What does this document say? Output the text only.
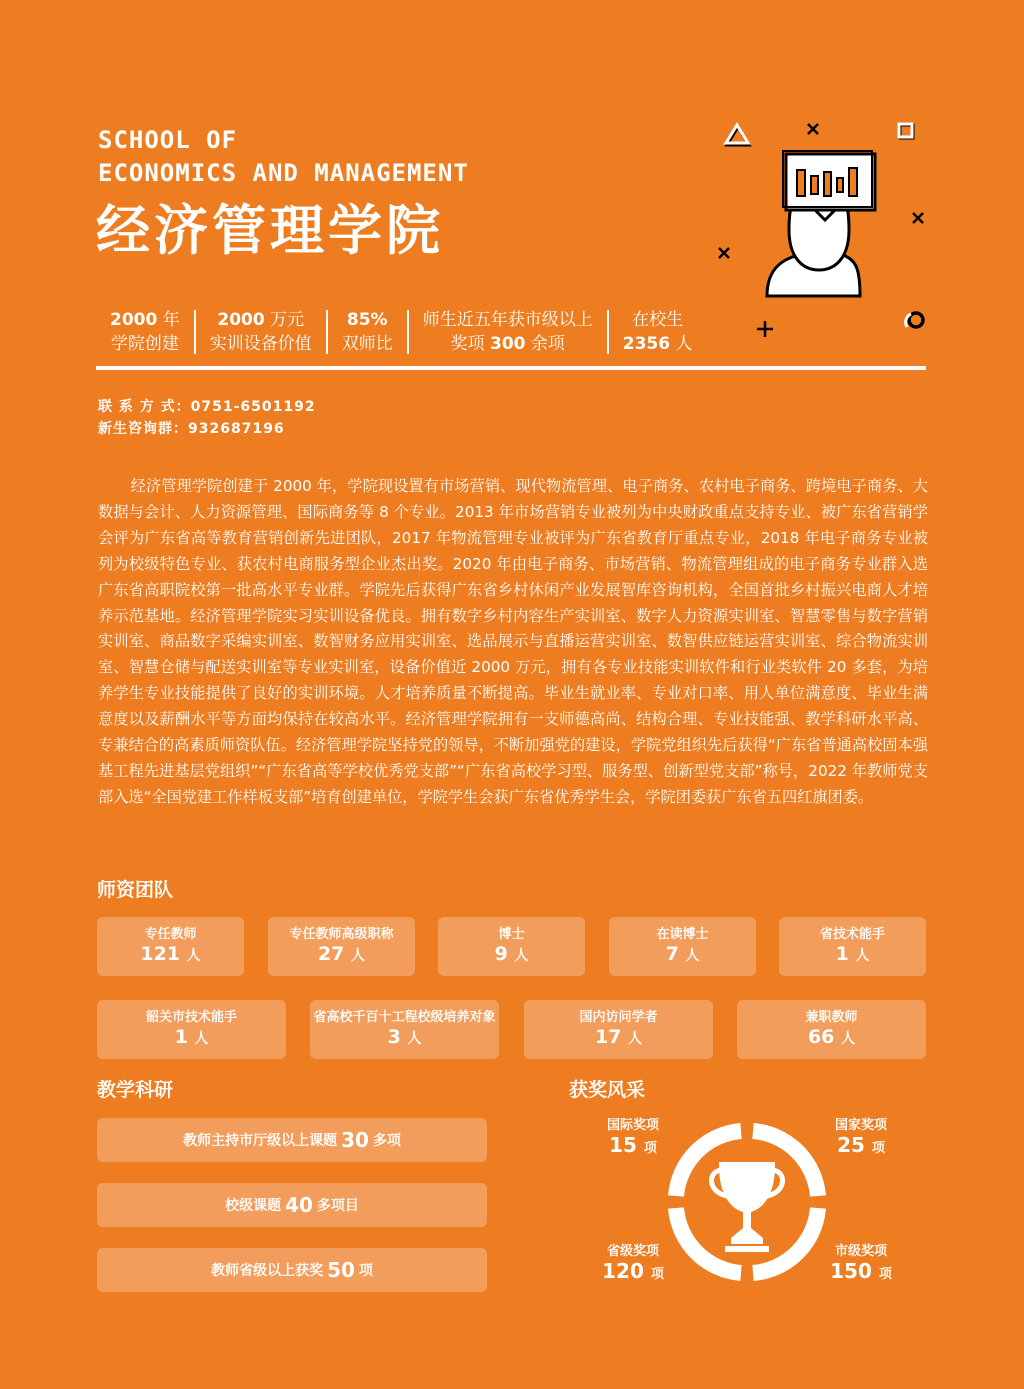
SCHOOL OF
ECONOMICS AND MANAGEMENT
经济管理学院
2000 年
学院创建
2000 万元
实训设备价值
85%
双师比
师生近五年获市级以上
奖项 300 余项
在校生
2356 人
联 系 方 式：0751-6501192
新生咨询群：932687196

经济管理学院创建于 2000 年，学院现设置有市场营销、现代物流管理、电子商务、农村电子商务、跨境电子商务、大数据与会计、人力资源管理、国际商务等 8 个专业。2013 年市场营销专业被列为中央财政重点支持专业、被广东省营销学会评为广东省高等教育营销创新先进团队，2017 年物流管理专业被评为广东省教育厅重点专业，2018 年电子商务专业被列为校级特色专业、获农村电商服务型企业杰出奖。2020 年由电子商务、市场营销、物流管理组成的电子商务专业群入选广东省高职院校第一批高水平专业群。学院先后获得广东省乡村休闲产业发展智库咨询机构，全国首批乡村振兴电商人才培养示范基地。经济管理学院实习实训设备优良。拥有数字乡村内容生产实训室、数字人力资源实训室、智慧零售与数字营销实训室、商品数字采编实训室、数智财务应用实训室、选品展示与直播运营实训室、数智供应链运营实训室、综合物流实训室、智慧仓储与配送实训室等专业实训室，设备价值近 2000 万元，拥有各专业技能实训软件和行业类软件 20 多套，为培养学生专业技能提供了良好的实训环境。人才培养质量不断提高。毕业生就业率、专业对口率、用人单位满意度、毕业生满意度以及薪酬水平等方面均保持在较高水平。经济管理学院拥有一支师德高尚、结构合理、专业技能强、教学科研水平高、专兼结合的高素质师资队伍。经济管理学院坚持党的领导，不断加强党的建设，学院党组织先后获得“广东省普通高校固本强基工程先进基层党组织”“广东省高等学校优秀党支部”“广东省高校学习型、服务型、创新型党支部”称号，2022 年教师党支部入选“全国党建工作样板支部”培育创建单位，学院学生会获广东省优秀学生会，学院团委获广东省五四红旗团委。

师资团队
专任教师
121 人
专任教师高级职称
27 人
博士
9 人
在读博士
7 人
省技术能手
1 人
韶关市技术能手
1 人
省高校千百十工程校级培养对象
3 人
国内访问学者
17 人
兼职教师
66 人
教学科研
教师主持市厅级以上课题 30 多项
校级课题 40 多项目
教师省级以上获奖 50 项
获奖风采
国际奖项
15 项
国家奖项
25 项
省级奖项
120 项
市级奖项
150 项
